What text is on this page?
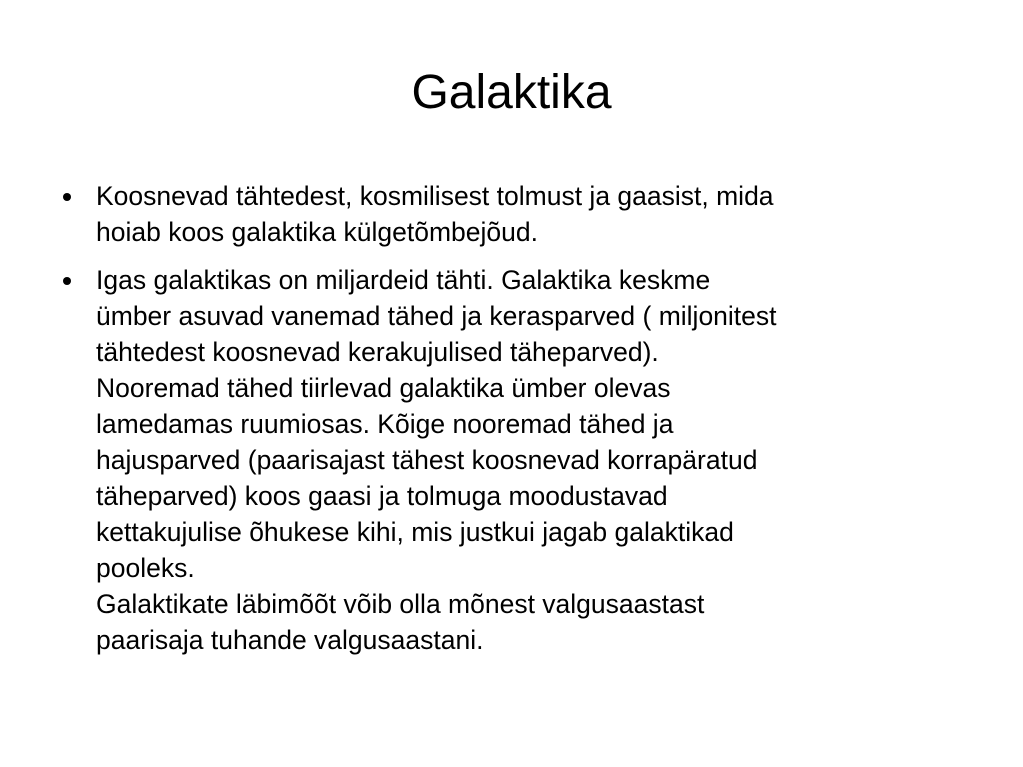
Galaktika
Koosnevad tähtedest, kosmilisest tolmust ja gaasist, mida
hoiab koos galaktika külgetõmbejõud.
Igas galaktikas on miljardeid tähti. Galaktika keskme
ümber asuvad vanemad tähed ja kerasparved ( miljonitest
tähtedest koosnevad kerakujulised täheparved).
Nooremad tähed tiirlevad galaktika ümber olevas
lamedamas ruumiosas. Kõige nooremad tähed ja
hajusparved (paarisajast tähest koosnevad korrapäratud
täheparved) koos gaasi ja tolmuga moodustavad
kettakujulise õhukese kihi, mis justkui jagab galaktikad
pooleks.
Galaktikate läbimõõt võib olla mõnest valgusaastast
paarisaja tuhande valgusaastani.
